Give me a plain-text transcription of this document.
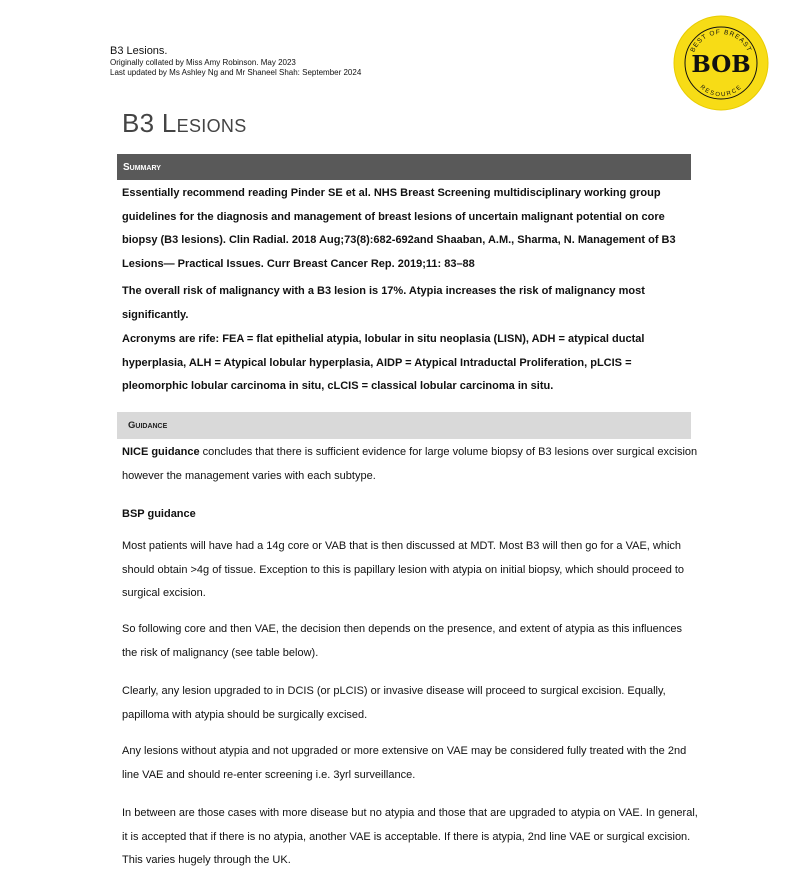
B3 Lesions.
Originally collated by Miss Amy Robinson. May 2023
Last updated by Ms Ashley Ng and Mr Shaneel Shah: September 2024
BEST OF BREAST
BOB
RESOURCE
B3 Lesions
Summary

Essentially recommend reading Pinder SE et al. NHS Breast Screening multidisciplinary working group guidelines for the diagnosis and management of breast lesions of uncertain malignant potential on core biopsy (B3 lesions). Clin Radial. 2018 Aug;73(8):682-692and Shaaban, A.M., Sharma, N. Management of B3 Lesions— Practical Issues. Curr Breast Cancer Rep. 2019;11: 83–88

The overall risk of malignancy with a B3 lesion is 17%. Atypia increases the risk of malignancy most significantly.

Acronyms are rife: FEA = flat epithelial atypia, lobular in situ neoplasia (LISN), ADH = atypical ductal hyperplasia, ALH = Atypical lobular hyperplasia, AIDP = Atypical Intraductal Proliferation, pLCIS = pleomorphic lobular carcinoma in situ, cLCIS = classical lobular carcinoma in situ.

Guidance

NICE guidance concludes that there is sufficient evidence for large volume biopsy of B3 lesions over surgical excision however the management varies with each subtype.

BSP guidance

Most patients will have had a 14g core or VAB that is then discussed at MDT. Most B3 will then go for a VAE, which should obtain >4g of tissue. Exception to this is papillary lesion with atypia on initial biopsy, which should proceed to surgical excision.

So following core and then VAE, the decision then depends on the presence, and extent of atypia as this influences the risk of malignancy (see table below).

Clearly, any lesion upgraded to in DCIS (or pLCIS) or invasive disease will proceed to surgical excision. Equally, papilloma with atypia should be surgically excised.

Any lesions without atypia and not upgraded or more extensive on VAE may be considered fully treated with the 2nd line VAE and should re-enter screening i.e. 3yrl surveillance.

In between are those cases with more disease but no atypia and those that are upgraded to atypia on VAE. In general, it is accepted that if there is no atypia, another VAE is acceptable. If there is atypia, 2nd line VAE or surgical excision. This varies hugely through the UK.
